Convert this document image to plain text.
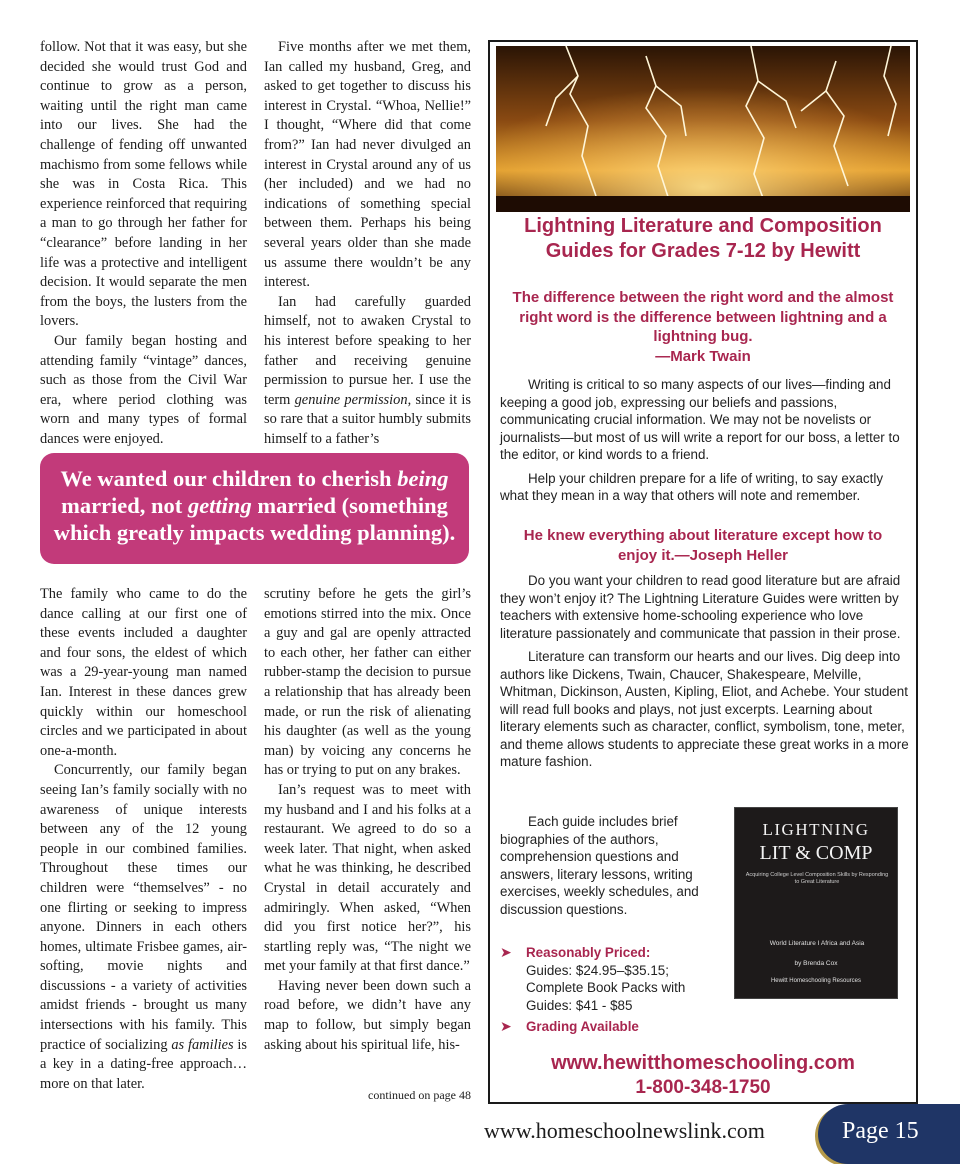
follow. Not that it was easy, but she decided she would trust God and continue to grow as a person, waiting until the right man came into our lives. She had the challenge of fending off unwanted machismo from some fellows while she was in Costa Rica. This experience reinforced that requiring a man to go through her father for “clearance” before landing in her life was a protective and intelligent decision. It would separate the men from the boys, the lusters from the lovers.

Our family began hosting and attending family “vintage” dances, such as those from the Civil War era, where period clothing was worn and many types of formal dances were enjoyed.

Five months after we met them, Ian called my husband, Greg, and asked to get together to discuss his interest in Crystal. “Whoa, Nellie!” I thought, “Where did that come from?” Ian had never divulged an interest in Crystal around any of us (her included) and we had no indications of something special between them. Perhaps his being several years older than she made us assume there wouldn’t be any interest.

Ian had carefully guarded himself, not to awaken Crystal to his interest before speaking to her father and receiving genuine permission to pursue her. I use the term genuine permission, since it is so rare that a suitor humbly submits himself to a father’s

We wanted our children to cherish being married, not getting married (something which greatly impacts wedding planning).

The family who came to do the dance calling at our first one of these events included a daughter and four sons, the eldest of which was a 29-year-young man named Ian. Interest in these dances grew quickly within our homeschool circles and we participated in about one-a-month.

Concurrently, our family began seeing Ian’s family socially with no awareness of unique interests between any of the 12 young people in our combined families. Throughout these times our children were “themselves” - no one flirting or seeking to impress anyone. Dinners in each others homes, ultimate Frisbee games, air-softing, movie nights and discussions - a variety of activities amidst friends - brought us many intersections with his family. This practice of socializing as families is a key in a dating-free approach… more on that later.

scrutiny before he gets the girl’s emotions stirred into the mix. Once a guy and gal are openly attracted to each other, her father can either rubber-stamp the decision to pursue a relationship that has already been made, or run the risk of alienating his daughter (as well as the young man) by voicing any concerns he has or trying to put on any brakes.

Ian’s request was to meet with my husband and I and his folks at a restaurant. We agreed to do so a week later. That night, when asked what he was thinking, he described Crystal in detail accurately and admiringly. When asked, “When did you first notice her?”, his startling reply was, “The night we met your family at that first dance.”

Having never been down such a road before, we didn’t have any map to follow, but simply began asking about his spiritual life, his-

continued on page 48
Lightning Literature and Composition
Guides for Grades 7-12 by Hewitt
The difference between the right word and the almost right word is the difference between lightning and a lightning bug.
—Mark Twain

Writing is critical to so many aspects of our lives—finding and keeping a good job, expressing our beliefs and passions, communicating crucial information. We may not be novelists or journalists—but most of us will write a report for our boss, a letter to the editor, or kind words to a friend.

Help your children prepare for a life of writing, to say exactly what they mean in a way that others will note and remember.

He knew everything about literature except how to enjoy it.—Joseph Heller

Do you want your children to read good literature but are afraid they won’t enjoy it? The Lightning Literature Guides were written by teachers with extensive home-schooling experience who love literature passionately and communicate that passion in their prose.

Literature can transform our hearts and our lives. Dig deep into authors like Dickens, Twain, Chaucer, Shakespeare, Melville, Whitman, Dickinson, Austen, Kipling, Eliot, and Achebe. Your student will read full books and plays, not just excerpts. Learning about literary elements such as character, conflict, symbolism, tone, meter, and theme allows students to appreciate these great works in a more mature fashion.

Each guide includes brief biographies of the authors, comprehension questions and answers, literary lessons, writing exercises, weekly schedules, and discussion questions.

➤ Reasonably Priced:
Guides: $24.95–$35.15;
Complete Book Packs with
Guides: $41 - $85
➤ Grading Available
LIGHTNING
LIT & COMP
Acquiring College Level Composition Skills by Responding to Great Literature
World Literature I Africa and Asia
by Brenda Cox
Hewitt Homeschooling Resources
www.hewitthomeschooling.com
1-800-348-1750
www.homeschoolnewslink.com	Page 15
